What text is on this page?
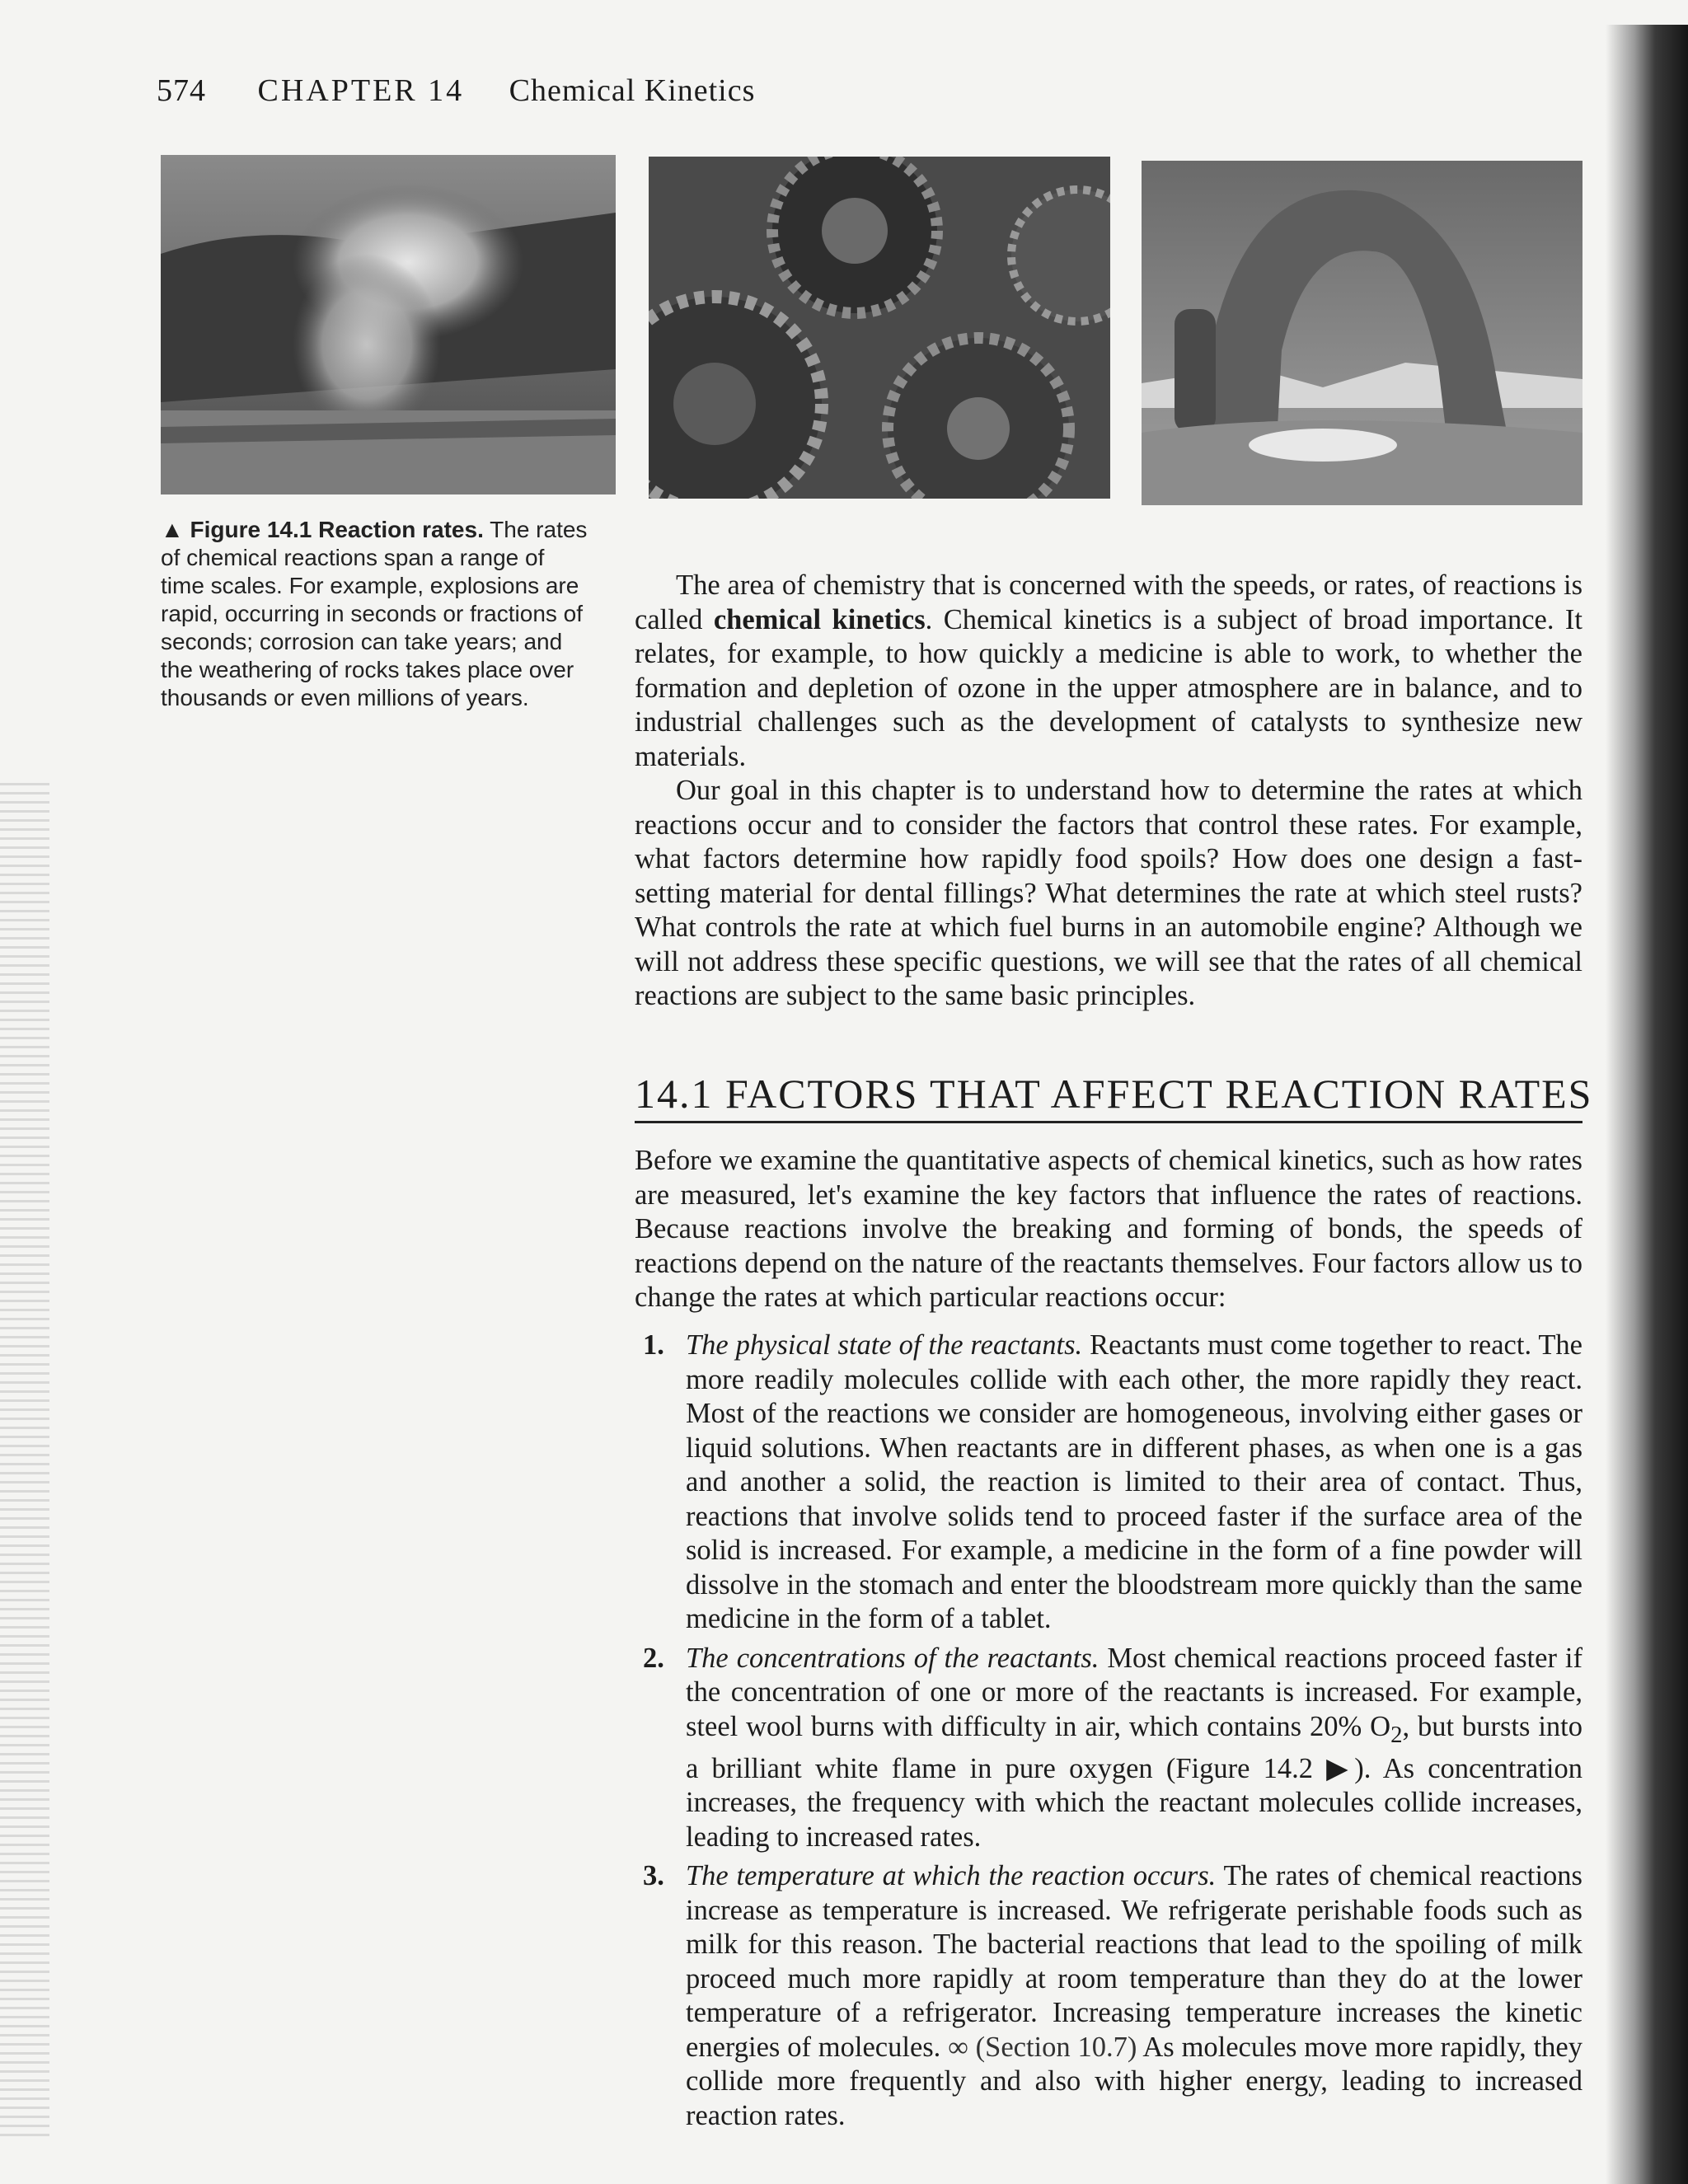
574 CHAPTER 14 Chemical Kinetics
▲ Figure 14.1 Reaction rates. The rates of chemical reactions span a range of time scales. For example, explosions are rapid, occurring in seconds or fractions of seconds; corrosion can take years; and the weathering of rocks takes place over thousands or even millions of years.

The area of chemistry that is concerned with the speeds, or rates, of reactions is called chemical kinetics. Chemical kinetics is a subject of broad importance. It relates, for example, to how quickly a medicine is able to work, to whether the formation and depletion of ozone in the upper atmosphere are in balance, and to industrial challenges such as the development of catalysts to synthesize new materials.

Our goal in this chapter is to understand how to determine the rates at which reactions occur and to consider the factors that control these rates. For example, what factors determine how rapidly food spoils? How does one design a fast-setting material for dental fillings? What determines the rate at which steel rusts? What controls the rate at which fuel burns in an automobile engine? Although we will not address these specific questions, we will see that the rates of all chemical reactions are subject to the same basic principles.

14.1 FACTORS THAT AFFECT REACTION RATES

Before we examine the quantitative aspects of chemical kinetics, such as how rates are measured, let's examine the key factors that influence the rates of reactions. Because reactions involve the breaking and forming of bonds, the speeds of reactions depend on the nature of the reactants themselves. Four factors allow us to change the rates at which particular reactions occur:

1. The physical state of the reactants. Reactants must come together to react. The more readily molecules collide with each other, the more rapidly they react. Most of the reactions we consider are homogeneous, involving either gases or liquid solutions. When reactants are in different phases, as when one is a gas and another a solid, the reaction is limited to their area of contact. Thus, reactions that involve solids tend to proceed faster if the surface area of the solid is increased. For example, a medicine in the form of a fine powder will dissolve in the stomach and enter the bloodstream more quickly than the same medicine in the form of a tablet.
2. The concentrations of the reactants. Most chemical reactions proceed faster if the concentration of one or more of the reactants is increased. For example, steel wool burns with difficulty in air, which contains 20% $O_2$, but bursts into a brilliant white flame in pure oxygen (Figure 14.2 ▶). As concentration increases, the frequency with which the reactant molecules collide increases, leading to increased rates.
3. The temperature at which the reaction occurs. The rates of chemical reactions increase as temperature is increased. We refrigerate perishable foods such as milk for this reason. The bacterial reactions that lead to the spoiling of milk proceed much more rapidly at room temperature than they do at the lower temperature of a refrigerator. Increasing temperature increases the kinetic energies of molecules. ∞ (Section 10.7) As molecules move more rapidly, they collide more frequently and also with higher energy, leading to increased reaction rates.
